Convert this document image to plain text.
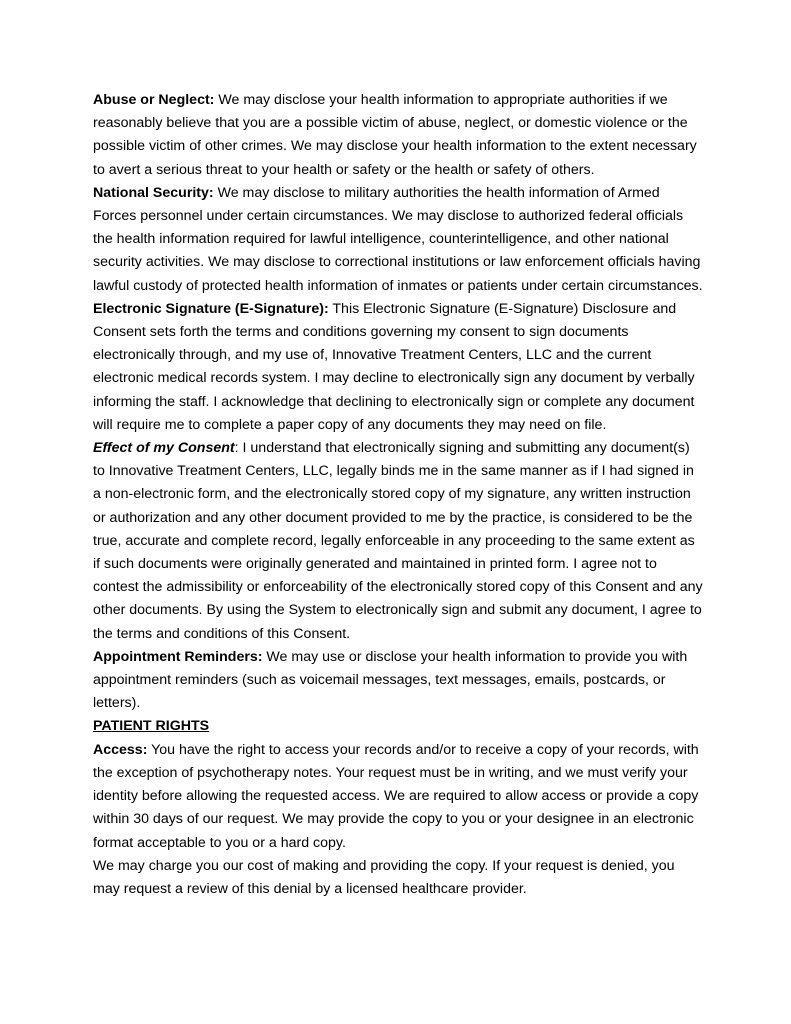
Abuse or Neglect: We may disclose your health information to appropriate authorities if we reasonably believe that you are a possible victim of abuse, neglect, or domestic violence or the possible victim of other crimes. We may disclose your health information to the extent necessary to avert a serious threat to your health or safety or the health or safety of others.

National Security: We may disclose to military authorities the health information of Armed Forces personnel under certain circumstances. We may disclose to authorized federal officials the health information required for lawful intelligence, counterintelligence, and other national security activities. We may disclose to correctional institutions or law enforcement officials having lawful custody of protected health information of inmates or patients under certain circumstances.

Electronic Signature (E-Signature): This Electronic Signature (E-Signature) Disclosure and Consent sets forth the terms and conditions governing my consent to sign documents electronically through, and my use of, Innovative Treatment Centers, LLC and the current electronic medical records system. I may decline to electronically sign any document by verbally informing the staff. I acknowledge that declining to electronically sign or complete any document will require me to complete a paper copy of any documents they may need on file.

Effect of my Consent: I understand that electronically signing and submitting any document(s) to Innovative Treatment Centers, LLC, legally binds me in the same manner as if I had signed in a non-electronic form, and the electronically stored copy of my signature, any written instruction or authorization and any other document provided to me by the practice, is considered to be the true, accurate and complete record, legally enforceable in any proceeding to the same extent as if such documents were originally generated and maintained in printed form. I agree not to contest the admissibility or enforceability of the electronically stored copy of this Consent and any other documents. By using the System to electronically sign and submit any document, I agree to the terms and conditions of this Consent.

Appointment Reminders: We may use or disclose your health information to provide you with appointment reminders (such as voicemail messages, text messages, emails, postcards, or letters).

PATIENT RIGHTS

Access: You have the right to access your records and/or to receive a copy of your records, with the exception of psychotherapy notes. Your request must be in writing, and we must verify your identity before allowing the requested access. We are required to allow access or provide a copy within 30 days of our request. We may provide the copy to you or your designee in an electronic format acceptable to you or a hard copy.

We may charge you our cost of making and providing the copy. If your request is denied, you may request a review of this denial by a licensed healthcare provider.
